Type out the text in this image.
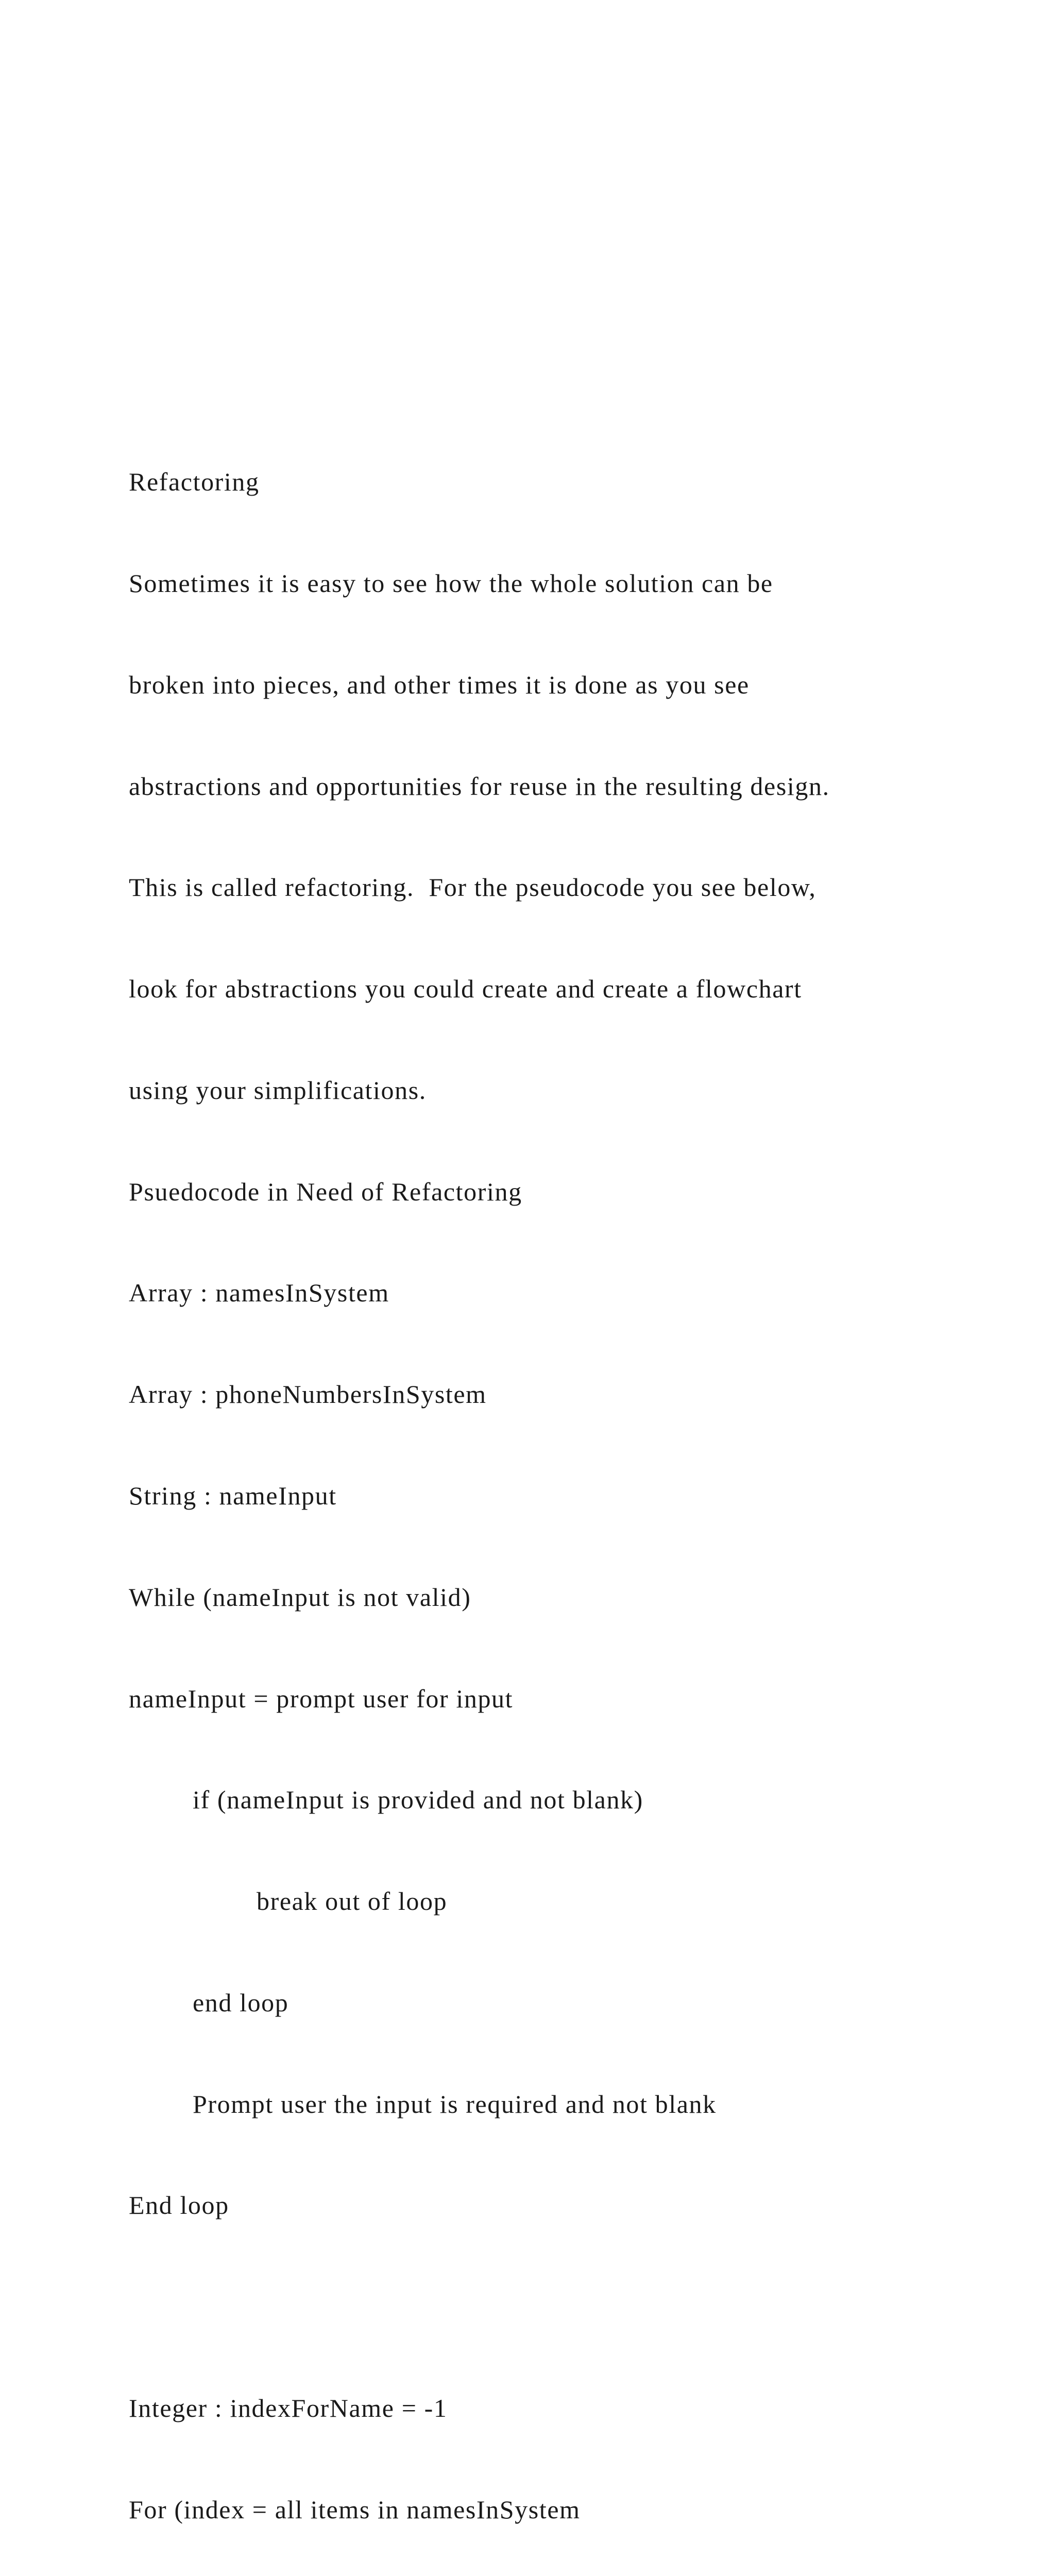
Refactoring

Sometimes it is easy to see how the whole solution can be

broken into pieces, and other times it is done as you see

abstractions and opportunities for reuse in the resulting design.

This is called refactoring.  For the pseudocode you see below,

look for abstractions you could create and create a flowchart

using your simplifications.

Psuedocode in Need of Refactoring

Array : namesInSystem

Array : phoneNumbersInSystem

String : nameInput

While (nameInput is not valid)

nameInput = prompt user for input

if (nameInput is provided and not blank)

break out of loop

end loop

Prompt user the input is required and not blank

End loop

Integer : indexForName = -1

For (index = all items in namesInSystem
